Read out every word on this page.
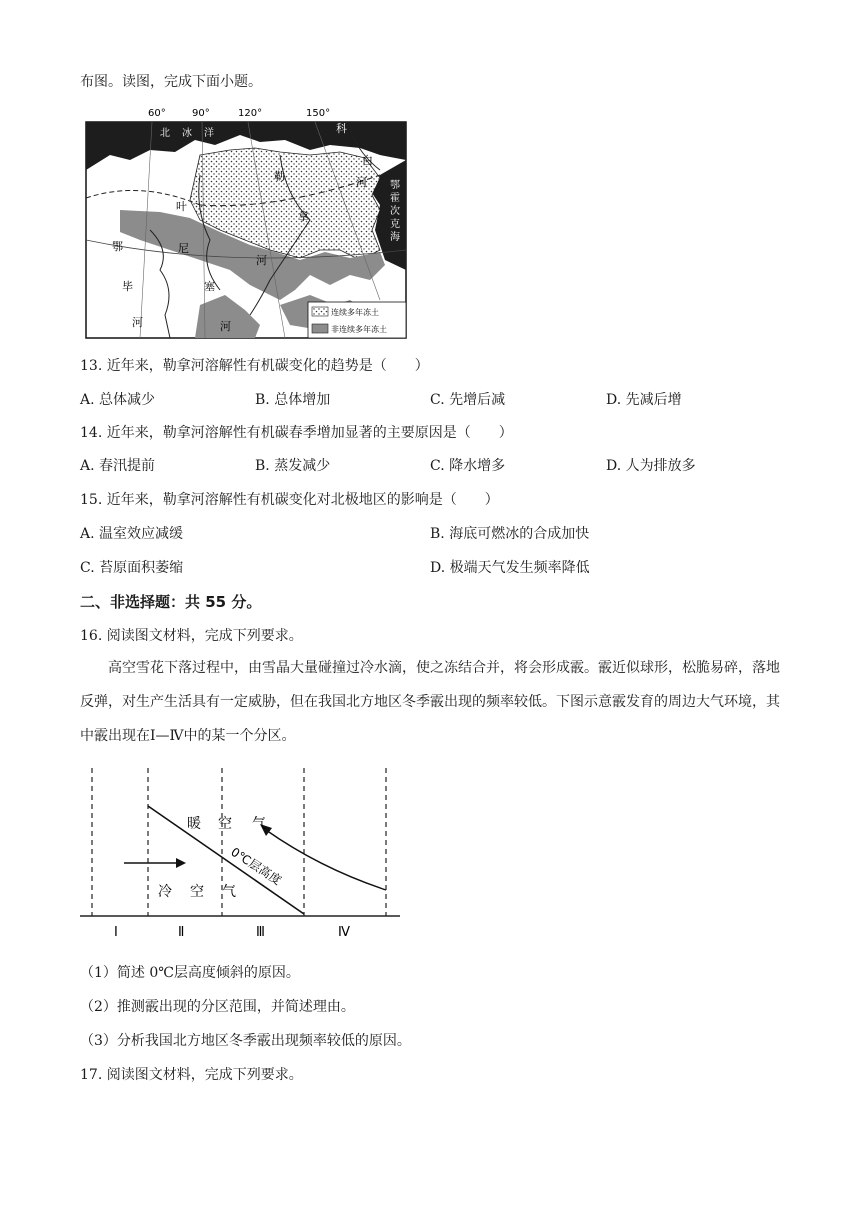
布图。读图，完成下面小题。
60°	90°	120°	150°
北 冰 洋	科
白
河 鄂
霍
次
克
海
勒
拿
河
叶
尼
塞
鄂
毕
河	河
连续多年冻土
非连续多年冻土
13. 近年来，勒拿河溶解性有机碳变化的趋势是（　　）
A. 总体减少	B. 总体增加	C. 先增后减	D. 先减后增
14. 近年来，勒拿河溶解性有机碳春季增加显著的主要原因是（　　）
A. 春汛提前	B. 蒸发减少	C. 降水增多	D. 人为排放多
15. 近年来，勒拿河溶解性有机碳变化对北极地区的影响是（　　）
A. 温室效应减缓	B. 海底可燃冰的合成加快
C. 苔原面积萎缩	D. 极端天气发生频率降低
二、非选择题：共 55 分。
16. 阅读图文材料，完成下列要求。
高空雪花下落过程中，由雪晶大量碰撞过冷水滴，使之冻结合并，将会形成霰。霰近似球形，松脆易碎，落地反弹，对生产生活具有一定威胁，但在我国北方地区冬季霰出现的频率较低。下图示意霰发育的周边大气环境，其中霰出现在Ⅰ—Ⅳ中的某一个分区。
暖 空 气
冷 空 气
0℃层高度
Ⅰ	Ⅱ	Ⅲ	Ⅳ
（1）简述 0℃层高度倾斜的原因。
（2）推测霰出现的分区范围，并简述理由。
（3）分析我国北方地区冬季霰出现频率较低的原因。
17. 阅读图文材料，完成下列要求。
